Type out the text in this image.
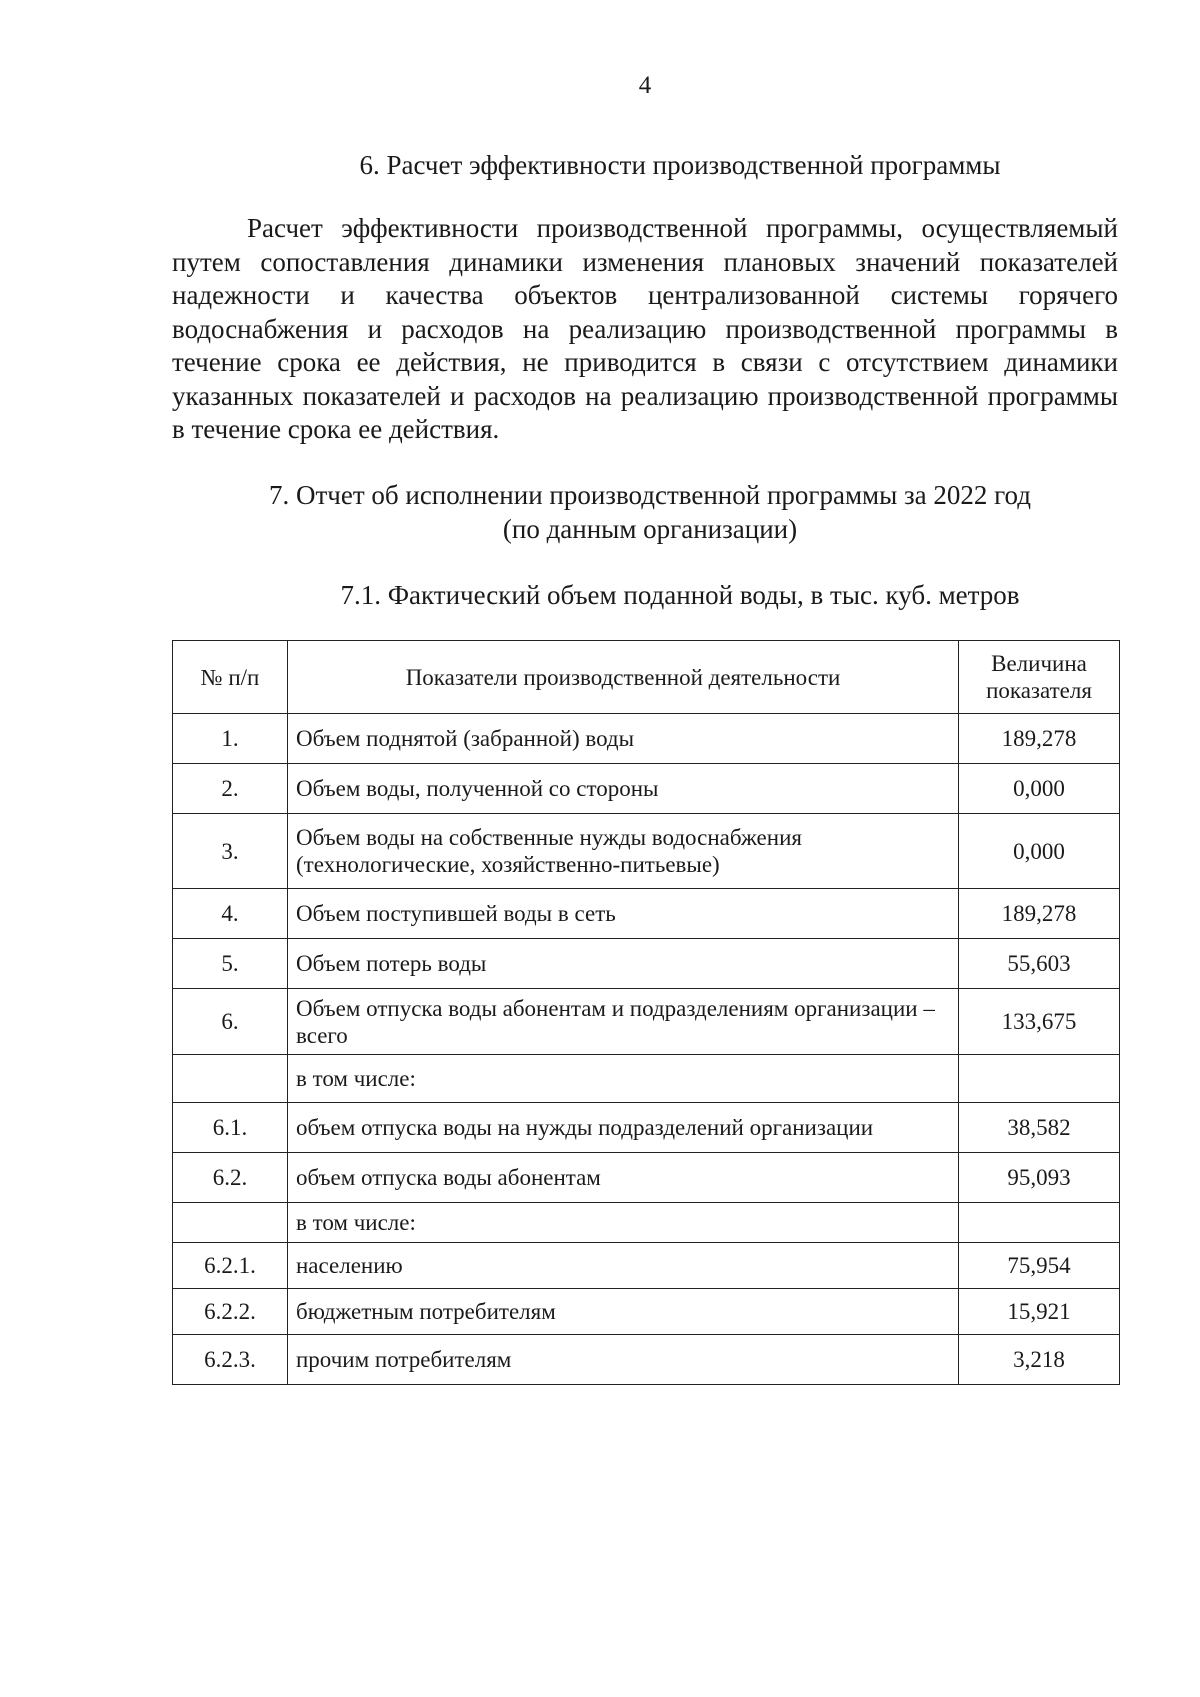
4
6. Расчет эффективности производственной программы
Расчет эффективности производственной программы, осуществляемый путем сопоставления динамики изменения плановых значений показателей надежности и качества объектов централизованной системы горячего водоснабжения и расходов на реализацию производственной программы в течение срока ее действия, не приводится в связи с отсутствием динамики указанных показателей и расходов на реализацию производственной программы в течение срока ее действия.
7. Отчет об исполнении производственной программы за 2022 год
(по данным организации)
7.1. Фактический объем поданной воды, в тыс. куб. метров
№ п/п	Показатели производственной деятельности	Величина показателя
1.	Объем поднятой (забранной) воды	189,278
2.	Объем воды, полученной со стороны	0,000
3.	Объем воды на собственные нужды водоснабжения (технологические, хозяйственно-питьевые)	0,000
4.	Объем поступившей воды в сеть	189,278
5.	Объем потерь воды	55,603
6.	Объем отпуска воды абонентам и подразделениям организации – всего	133,675
	в том числе:	
6.1.	объем отпуска воды на нужды подразделений организации	38,582
6.2.	объем отпуска воды абонентам	95,093
	в том числе:	
6.2.1.	населению	75,954
6.2.2.	бюджетным потребителям	15,921
6.2.3.	прочим потребителям	3,218
